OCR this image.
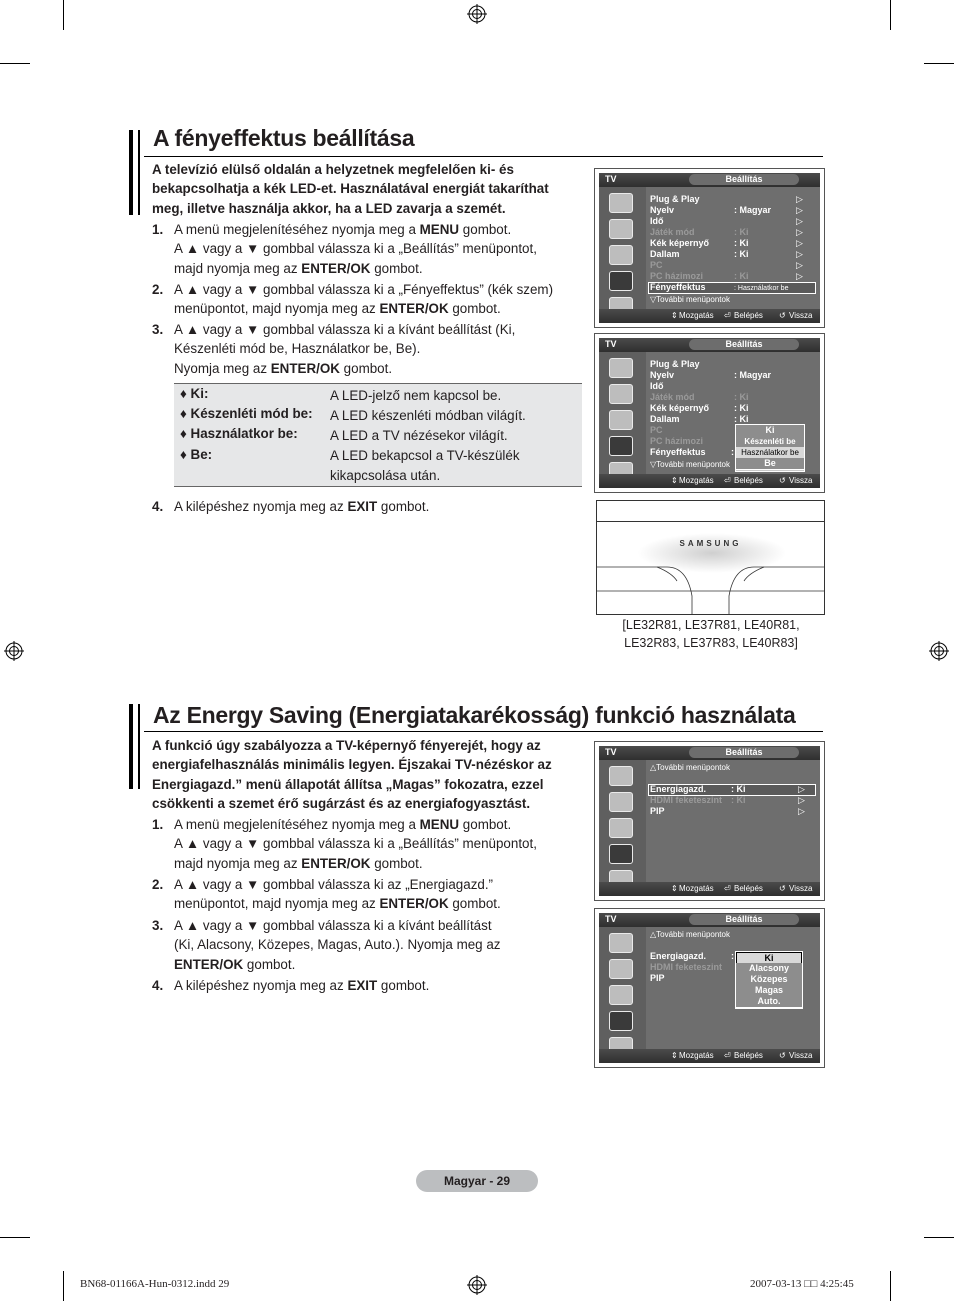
A fényeffektus beállítása
A televízió elülső oldalán a helyzetnek megfelelően ki- és bekapcsolhatja a kék LED-et. Használatával energiát takaríthat meg, illetve használja akkor, ha a LED zavarja a szemét.
1. A menü megjelenítéséhez nyomja meg a MENU gombot.
A ▲ vagy a ▼ gombbal válassza ki a „Beállítás” menüpontot,
majd nyomja meg az ENTER/OK gombot.
2. A ▲ vagy a ▼ gombbal válassza ki a „Fényeffektus” (kék szem)
menüpontot, majd nyomja meg az ENTER/OK gombot.
3. A ▲ vagy a ▼ gombbal válassza ki a kívánt beállítást (Ki,
Készenléti mód be, Használatkor be, Be).
Nyomja meg az ENTER/OK gombot.
♦ Ki:	A LED-jelző nem kapcsol be.
♦ Készenléti mód be: A LED készenléti módban világít.
♦ Használatkor be: A LED a TV nézésekor világít.
♦ Be:	A LED bekapcsol a TV-készülék kikapcsolása után.
4. A kilépéshez nyomja meg az EXIT gombot.
TV	Beállítás
Plug & Play
Nyelv	: Magyar
Idő
Játék mód	: Ki
Kék képernyő	: Ki
Dallam	: Ki
PC
PC házimozi	: Ki
Fényeffektus	: Használatkor be
▽További menüpontok
▷
▷
▷
▷
▷
▷
▷
▷
⇕ Mozgatás ⏎ Belépés ↺ Vissza
TV	Beállítás
Plug & Play
Nyelv	: Magyar
Idő
Játék mód	: Ki
Kék képernyő	: Ki
Dallam	: Ki
PC
PC házimozi
Fényeffektus	:
▽További menüpontok
Ki
Készenléti be
Használatkor be
Be
⇕ Mozgatás ⏎ Belépés ↺ Vissza
SAMSUNG
[LE32R81, LE37R81, LE40R81, LE32R83, LE37R83, LE40R83]
Az Energy Saving (Energiatakarékosság) funkció használata
A funkció úgy szabályozza a TV-képernyő fényerejét, hogy az energiafelhasználás minimális legyen. Éjszakai TV-nézéskor az Energiagazd.” menü állapotát állítsa „Magas” fokozatra, ezzel csökkenti a szemet érő sugárzást és az energiafogyasztást.
1. A menü megjelenítéséhez nyomja meg a MENU gombot.
A ▲ vagy a ▼ gombbal válassza ki a „Beállítás” menüpontot,
majd nyomja meg az ENTER/OK gombot.
2. A ▲ vagy a ▼ gombbal válassza ki az „Energiagazd.”
menüpontot, majd nyomja meg az ENTER/OK gombot.
3. A ▲ vagy a ▼ gombbal válassza ki a kívánt beállítást
(Ki, Alacsony, Közepes, Magas, Auto.). Nyomja meg az
ENTER/OK gombot.
4. A kilépéshez nyomja meg az EXIT gombot.
TV	Beállítás
△További menüpontok
Energiagazd.	: Ki
HDMI feketeszint : Ki
PIP
▷
▷
▷
⇕ Mozgatás ⏎ Belépés ↺ Vissza
TV	Beállítás
△További menüpontok
Energiagazd.	:
HDMI feketeszint
PIP
Ki
Alacsony
Közepes
Magas
Auto.
⇕ Mozgatás ⏎ Belépés ↺ Vissza
Magyar - 29
BN68-01166A-Hun-0312.indd 29	2007-03-13 □□ 4:25:45
